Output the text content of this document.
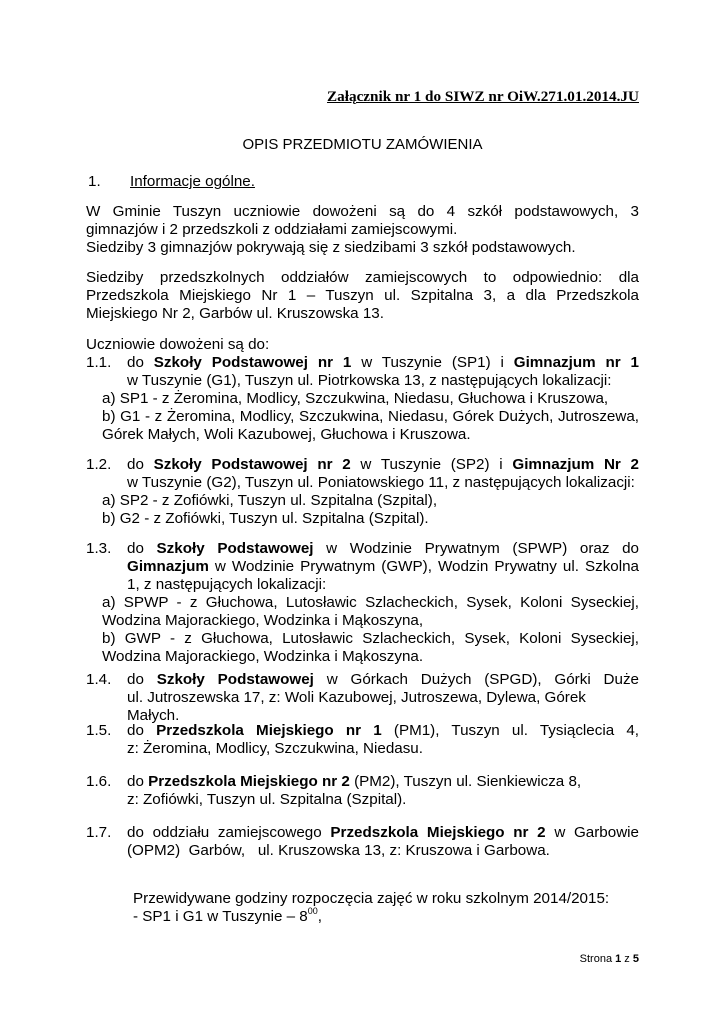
Załącznik nr 1 do SIWZ nr OiW.271.01.2014.JU
OPIS PRZEDMIOTU ZAMÓWIENIA
1. Informacje ogólne.
W Gminie Tuszyn uczniowie dowożeni są do 4 szkół podstawowych, 3
gimnazjów i 2 przedszkoli z oddziałami zamiejscowymi.
Siedziby 3 gimnazjów pokrywają się z siedzibami 3 szkół podstawowych.
Siedziby przedszkolnych oddziałów zamiejscowych to odpowiednio: dla Przedszkola Miejskiego Nr 1 – Tuszyn ul. Szpitalna 3, a dla Przedszkola Miejskiego Nr 2, Garbów ul. Kruszowska 13.
Uczniowie dowożeni są do:
1.1.	do Szkoły Podstawowej nr 1 w Tuszynie (SP1) i Gimnazjum nr 1
w Tuszynie (G1), Tuszyn ul. Piotrkowska 13, z następujących lokalizacji:
a) SP1 - z Żeromina, Modlicy, Szczukwina, Niedasu, Głuchowa i Kruszowa,
b) G1 - z Żeromina, Modlicy, Szczukwina, Niedasu, Górek Dużych, Jutroszewa, Górek Małych, Woli Kazubowej, Głuchowa i Kruszowa.
1.2.	do Szkoły Podstawowej nr 2 w Tuszynie (SP2) i Gimnazjum Nr 2
w Tuszynie (G2), Tuszyn ul. Poniatowskiego 11, z następujących lokalizacji:
a) SP2 - z Zofiówki, Tuszyn ul. Szpitalna (Szpital),
b) G2 - z Zofiówki, Tuszyn ul. Szpitalna (Szpital).
1.3.	do Szkoły Podstawowej w Wodzinie Prywatnym (SPWP) oraz do Gimnazjum w Wodzinie Prywatnym (GWP), Wodzin Prywatny ul. Szkolna 1, z następujących lokalizacji:
a) SPWP - z Głuchowa, Lutosławic Szlacheckich, Sysek, Koloni Syseckiej, Wodzina Majorackiego, Wodzinka i Mąkoszyna,
b) GWP - z Głuchowa, Lutosławic Szlacheckich, Sysek, Koloni Syseckiej, Wodzina Majorackiego, Wodzinka i Mąkoszyna.
1.4.	do Szkoły Podstawowej w Górkach Dużych (SPGD), Górki Duże
ul. Jutroszewska 17, z: Woli Kazubowej, Jutroszewa, Dylewa, Górek Małych.
1.5.	do Przedszkola Miejskiego nr 1 (PM1), Tuszyn ul. Tysiąclecia 4,
z: Żeromina, Modlicy, Szczukwina, Niedasu.
1.6.	do Przedszkola Miejskiego nr 2 (PM2), Tuszyn ul. Sienkiewicza 8,
z: Zofiówki, Tuszyn ul. Szpitalna (Szpital).
1.7.	do oddziału zamiejscowego Przedszkola Miejskiego nr 2 w Garbowie
(OPM2)  Garbów,   ul. Kruszowska 13, z: Kruszowa i Garbowa.
Przewidywane godziny rozpoczęcia zajęć w roku szkolnym 2014/2015:
- SP1 i G1 w Tuszynie – $8^{00}$,
Strona 1 z 5
